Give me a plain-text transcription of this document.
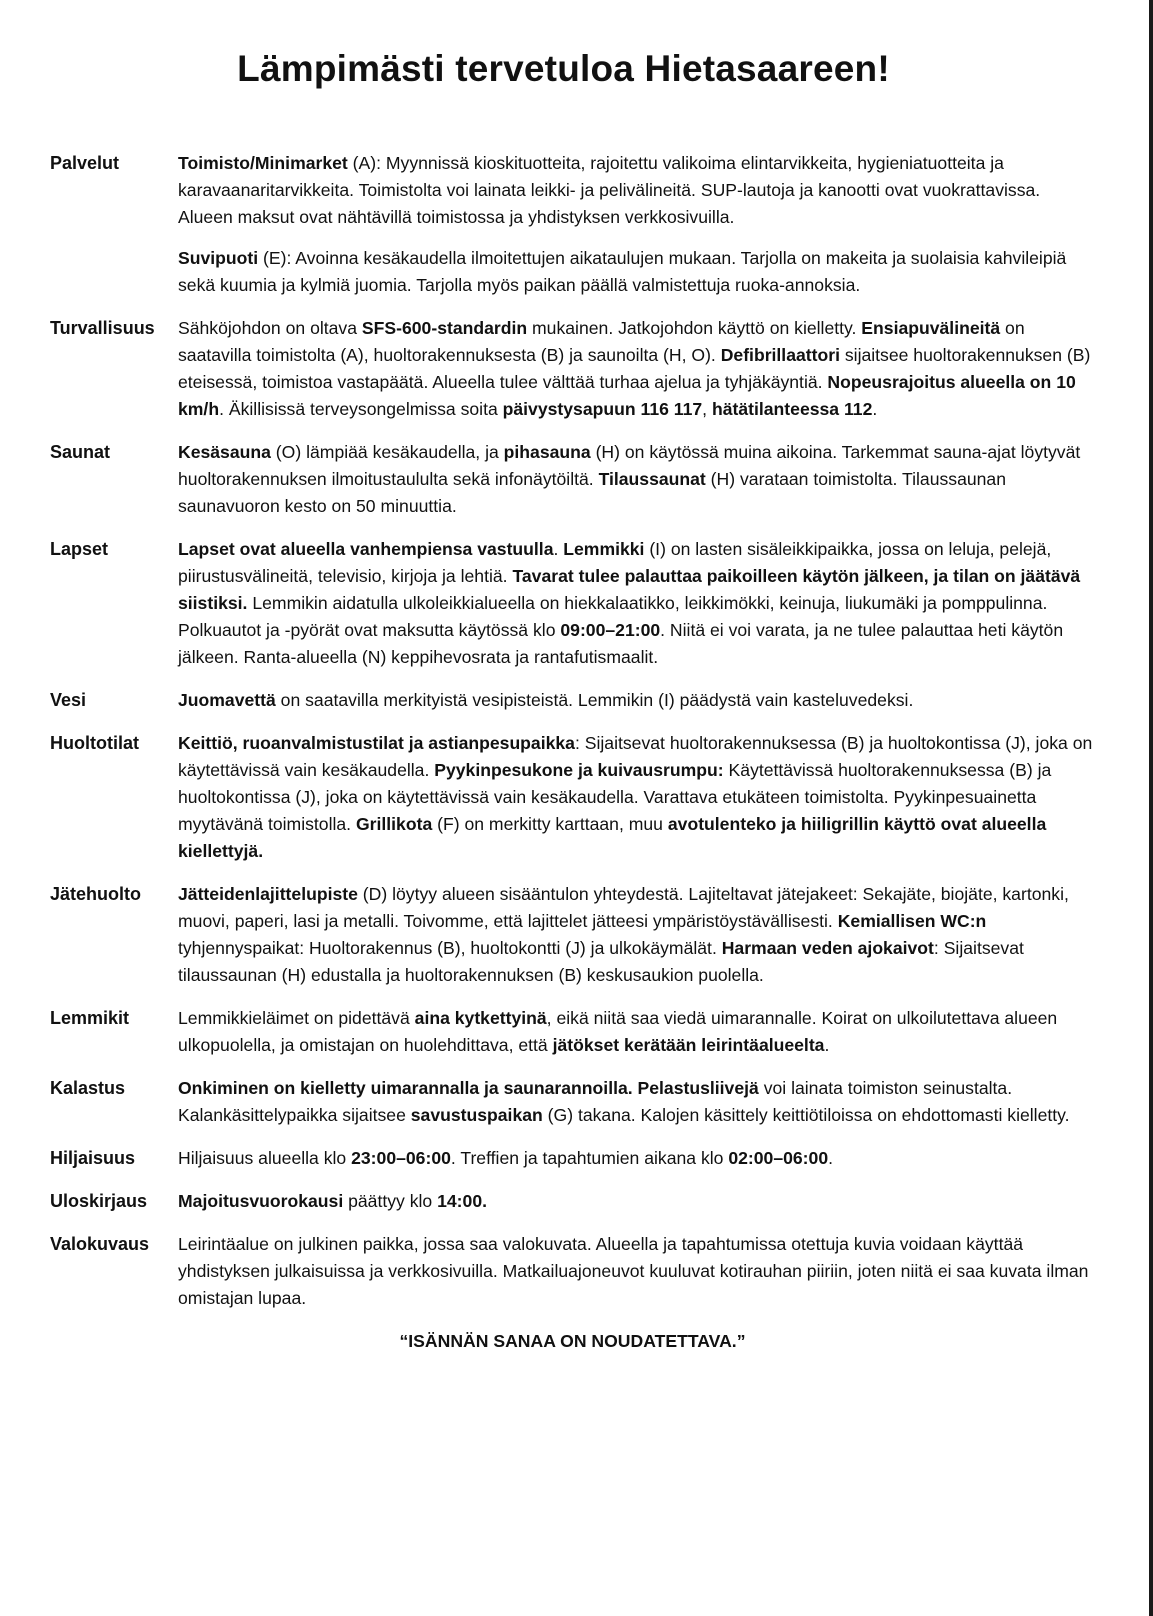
Lämpimästi tervetuloa Hietasaareen!
Palvelut	Toimisto/Minimarket (A): Myynnissä kioskituotteita, rajoitettu valikoima elintarvikkeita, hygieniatuotteita ja karavaanaritarvikkeita. Toimistolta voi lainata leikki- ja pelivälineitä. SUP-lautoja ja kanootti ovat vuokrattavissa. Alueen maksut ovat nähtävillä toimistossa ja yhdistyksen verkkosivuilla.

Suvipuoti (E): Avoinna kesäkaudella ilmoitettujen aikataulujen mukaan. Tarjolla on makeita ja suolaisia kahvileipiä sekä kuumia ja kylmiä juomia. Tarjolla myös paikan päällä valmistettuja ruoka-annoksia.

Turvallisuus	Sähköjohdon on oltava SFS-600-standardin mukainen. Jatkojohdon käyttö on kielletty. Ensiapuvälineitä on saatavilla toimistolta (A), huoltorakennuksesta (B) ja saunoilta (H, O). Defibrillaattori sijaitsee huoltorakennuksen (B) eteisessä, toimistoa vastapäätä. Alueella tulee välttää turhaa ajelua ja tyhjäkäyntiä. Nopeusrajoitus alueella on 10 km/h. Äkillisissä terveysongelmissa soita päivystysapuun 116 117, hätätilanteessa 112.

Saunat	Kesäsauna (O) lämpiää kesäkaudella, ja pihasauna (H) on käytössä muina aikoina. Tarkemmat sauna-ajat löytyvät huoltorakennuksen ilmoitustaululta sekä infonäytöiltä. Tilaussaunat (H) varataan toimistolta. Tilaussaunan saunavuoron kesto on 50 minuuttia.

Lapset	Lapset ovat alueella vanhempiensa vastuulla. Lemmikki (I) on lasten sisäleikkipaikka, jossa on leluja, pelejä, piirustusvälineitä, televisio, kirjoja ja lehtiä. Tavarat tulee palauttaa paikoilleen käytön jälkeen, ja tilan on jäätävä siistiksi. Lemmikin aidatulla ulkoleikkialueella on hiekkalaatikko, leikkimökki, keinuja, liukumäki ja pomppulinna. Polkuautot ja -pyörät ovat maksutta käytössä klo 09:00–21:00. Niitä ei voi varata, ja ne tulee palauttaa heti käytön jälkeen. Ranta-alueella (N) keppihevosrata ja rantafutismaalit.

Vesi	Juomavettä on saatavilla merkityistä vesipisteistä. Lemmikin (I) päädystä vain kasteluvedeksi.

Huoltotilat	Keittiö, ruoanvalmistustilat ja astianpesupaikka: Sijaitsevat huoltorakennuksessa (B) ja huoltokontissa (J), joka on käytettävissä vain kesäkaudella. Pyykinpesukone ja kuivausrumpu: Käytettävissä huoltorakennuksessa (B) ja huoltokontissa (J), joka on käytettävissä vain kesäkaudella. Varattava etukäteen toimistolta. Pyykinpesuainetta myytävänä toimistolla. Grillikota (F) on merkitty karttaan, muu avotulenteko ja hiiligrillin käyttö ovat alueella kiellettyjä.

Jätehuolto	Jätteidenlajittelupiste (D) löytyy alueen sisääntulon yhteydestä. Lajiteltavat jätejakeet: Sekajäte, biojäte, kartonki, muovi, paperi, lasi ja metalli. Toivomme, että lajittelet jätteesi ympäristöystävällisesti. Kemiallisen WC:n tyhjennyspaikat: Huoltorakennus (B), huoltokontti (J) ja ulkokäymälät. Harmaan veden ajokaivot: Sijaitsevat tilaussaunan (H) edustalla ja huoltorakennuksen (B) keskusaukion puolella.

Lemmikit	Lemmikkieläimet on pidettävä aina kytkettyinä, eikä niitä saa viedä uimarannalle. Koirat on ulkoilutettava alueen ulkopuolella, ja omistajan on huolehdittava, että jätökset kerätään leirintäalueelta.

Kalastus	Onkiminen on kielletty uimarannalla ja saunarannoilla. Pelastusliivejä voi lainata toimiston seinustalta. Kalankäsittelypaikka sijaitsee savustuspaikan (G) takana. Kalojen käsittely keittiötiloissa on ehdottomasti kielletty.

Hiljaisuus	Hiljaisuus alueella klo 23:00–06:00. Treffien ja tapahtumien aikana klo 02:00–06:00.

Uloskirjaus	Majoitusvuorokausi päättyy klo 14:00.

Valokuvaus	Leirintäalue on julkinen paikka, jossa saa valokuvata. Alueella ja tapahtumissa otettuja kuvia voidaan käyttää yhdistyksen julkaisuissa ja verkkosivuilla. Matkailuajoneuvot kuuluvat kotirauhan piiriin, joten niitä ei saa kuvata ilman omistajan lupaa.

“ISÄNNÄN SANAA ON NOUDATETTAVA.”
